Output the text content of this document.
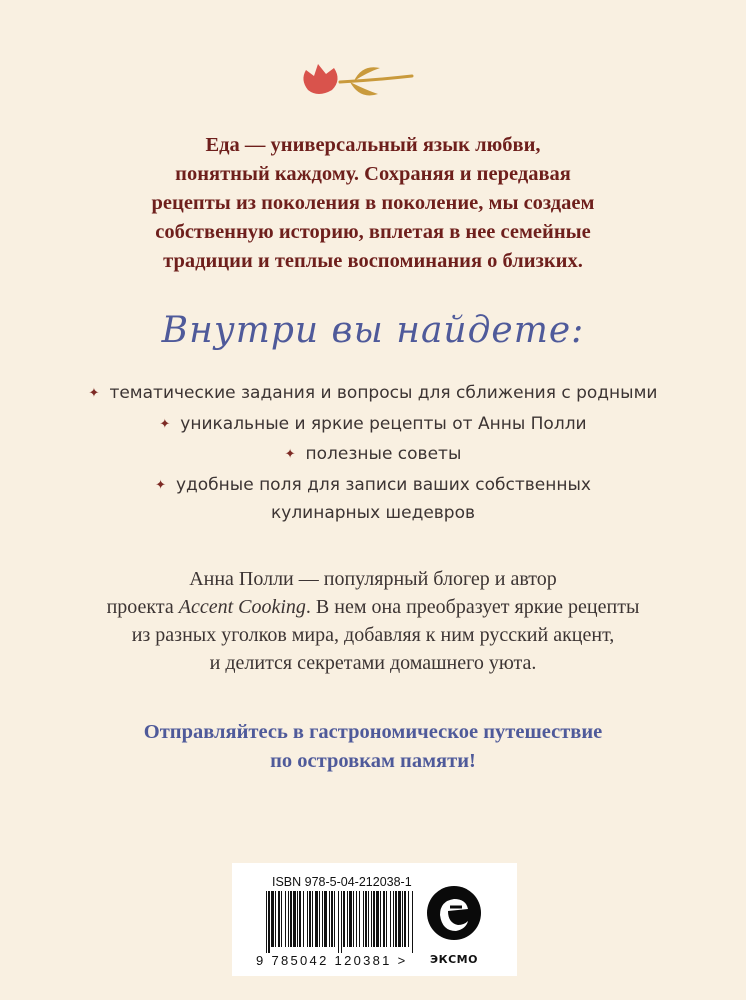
Еда — универсальный язык любви,
понятный каждому. Сохраняя и передавая
рецепты из поколения в поколение, мы создаем
собственную историю, вплетая в нее семейные
традиции и теплые воспоминания о близких.

Внутри вы найдете:
✦ тематические задания и вопросы для сближения с родными
✦ уникальные и яркие рецепты от Анны Полли
✦ полезные советы
✦ удобные поля для записи ваших собственных
кулинарных шедевров
Анна Полли — популярный блогер и автор
проекта Accent Cooking. В нем она преобразует яркие рецепты
из разных уголков мира, добавляя к ним русский акцент,
и делится секретами домашнего уюта.
Отправляйтесь в гастрономическое путешествие
по островкам памяти!
ISBN 978-5-04-212038-1
9 785042 120381 >	ЭКСМО
